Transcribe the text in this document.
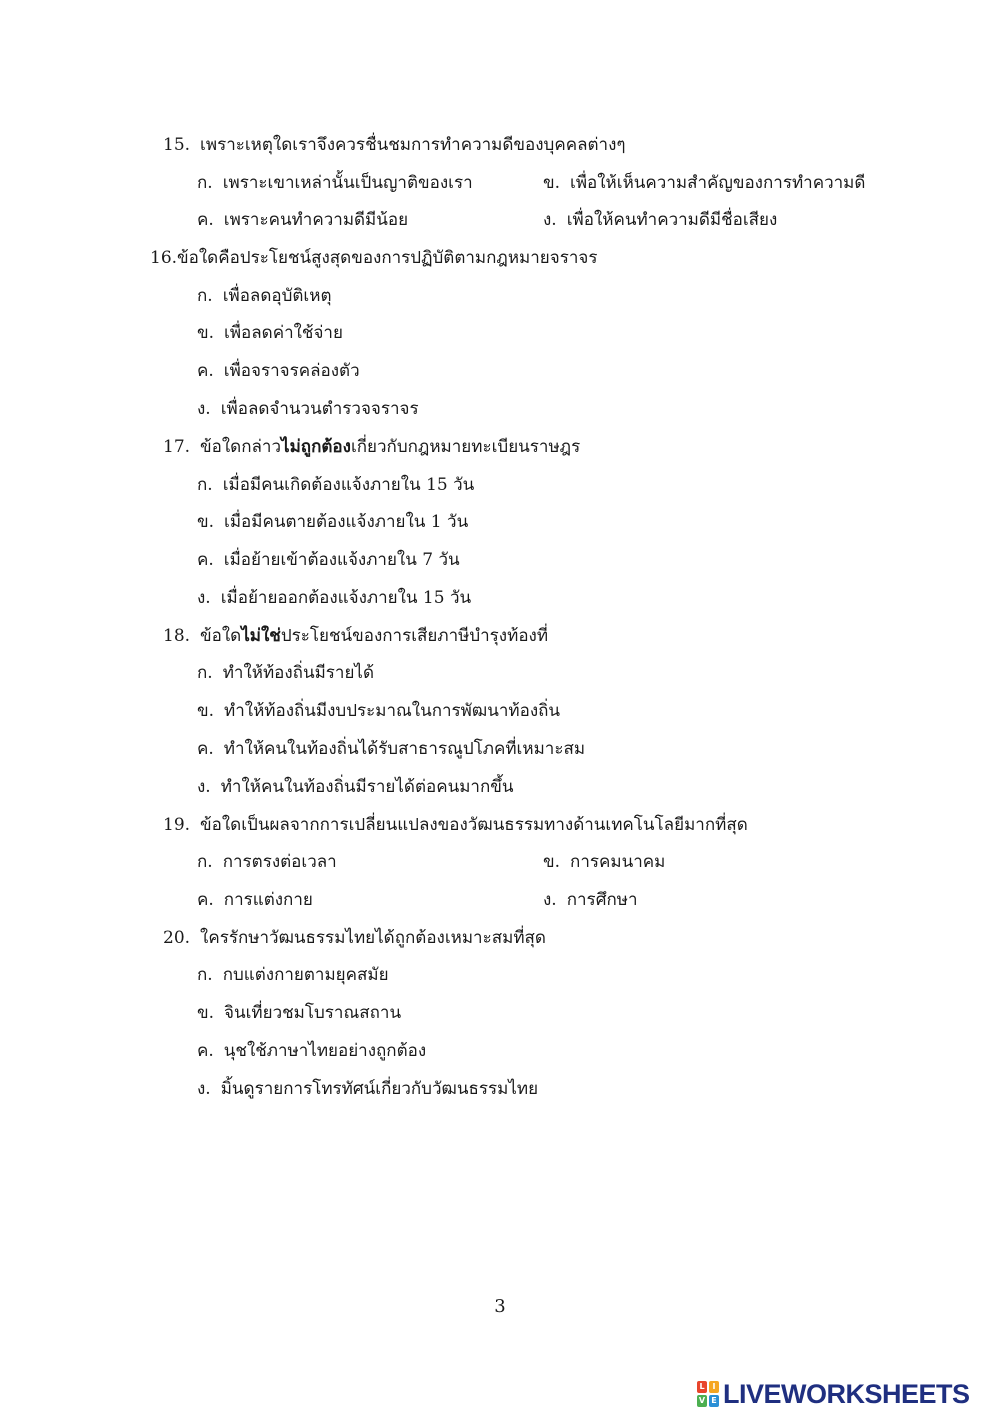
15. เพราะเหตุใดเราจึงควรชื่นชมการทำความดีของบุคคลต่างๆ
ก. เพราะเขาเหล่านั้นเป็นญาติของเรา	ข. เพื่อให้เห็นความสำคัญของการทำความดี
ค. เพราะคนทำความดีมีน้อย	ง. เพื่อให้คนทำความดีมีชื่อเสียง
16.ข้อใดคือประโยชน์สูงสุดของการปฏิบัติตามกฎหมายจราจร
ก. เพื่อลดอุบัติเหตุ
ข. เพื่อลดค่าใช้จ่าย
ค. เพื่อจราจรคล่องตัว
ง. เพื่อลดจำนวนตำรวจจราจร
17. ข้อใดกล่าวไม่ถูกต้องเกี่ยวกับกฎหมายทะเบียนราษฎร
ก. เมื่อมีคนเกิดต้องแจ้งภายใน 15 วัน
ข. เมื่อมีคนตายต้องแจ้งภายใน 1 วัน
ค. เมื่อย้ายเข้าต้องแจ้งภายใน 7 วัน
ง. เมื่อย้ายออกต้องแจ้งภายใน 15 วัน
18. ข้อใดไม่ใช่ประโยชน์ของการเสียภาษีบำรุงท้องที่
ก. ทำให้ท้องถิ่นมีรายได้
ข. ทำให้ท้องถิ่นมีงบประมาณในการพัฒนาท้องถิ่น
ค. ทำให้คนในท้องถิ่นได้รับสาธารณูปโภคที่เหมาะสม
ง. ทำให้คนในท้องถิ่นมีรายได้ต่อคนมากขึ้น
19. ข้อใดเป็นผลจากการเปลี่ยนแปลงของวัฒนธรรมทางด้านเทคโนโลยีมากที่สุด
ก. การตรงต่อเวลา	ข. การคมนาคม
ค. การแต่งกาย	ง. การศึกษา
20. ใครรักษาวัฒนธรรมไทยได้ถูกต้องเหมาะสมที่สุด
ก. กบแต่งกายตามยุคสมัย
ข. จินเที่ยวชมโบราณสถาน
ค. นุชใช้ภาษาไทยอย่างถูกต้อง
ง. มิ้นดูรายการโทรทัศน์เกี่ยวกับวัฒนธรรมไทย
3
L I
V E LIVEWORKSHEETS
